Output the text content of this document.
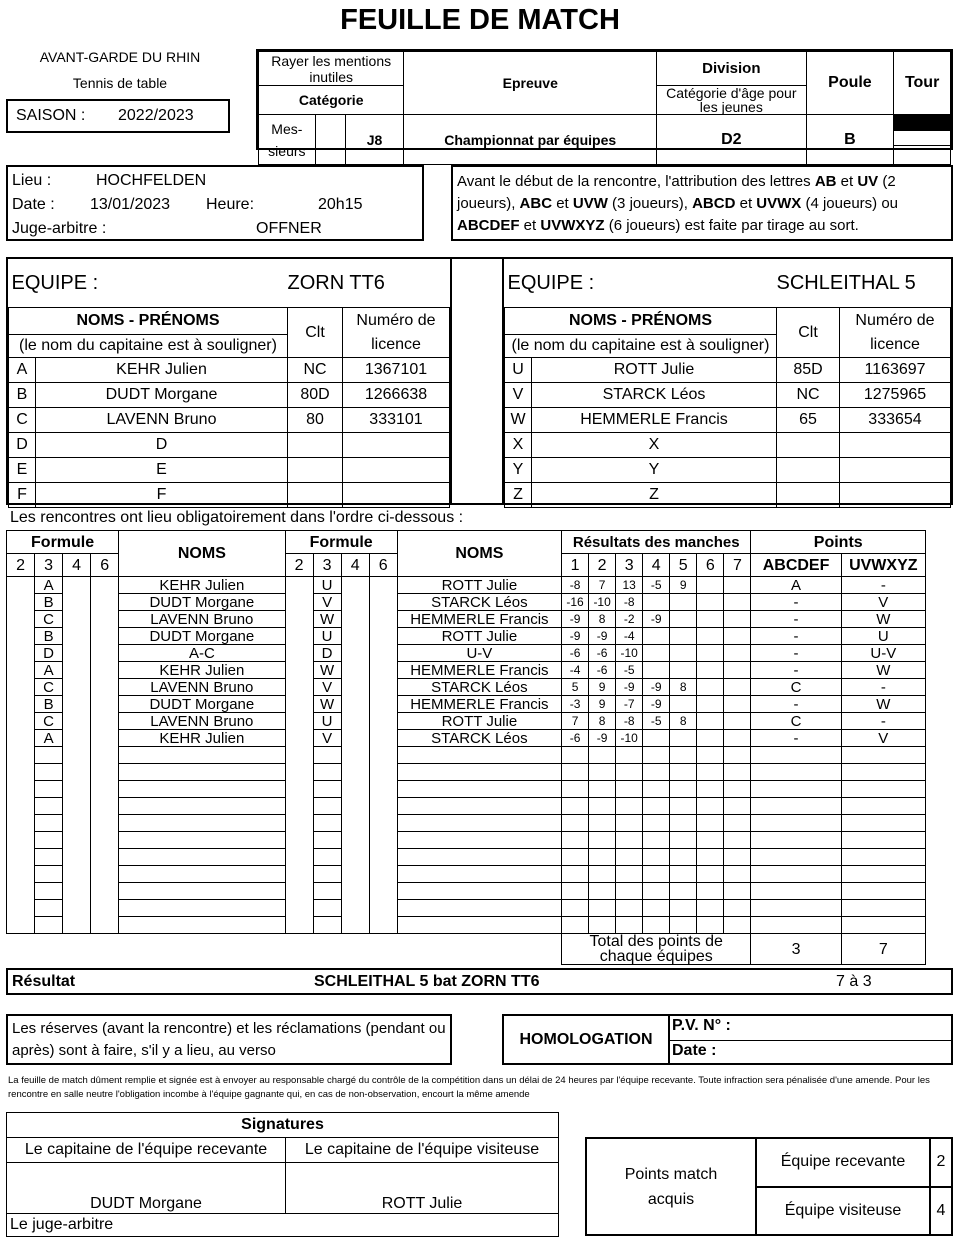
FEUILLE DE MATCH
AVANT-GARDE DU RHIN
Tennis de table
SAISON : 2022/2023
Rayer les mentions inutiles			Epreuve	Division	Poule	Tour
Catégorie				Catégorie d'âge pour les jeunes		
Mes-sieurs		J8	Championnat par équipes	D2	B	
Lieu :	HOCHFELDEN
Date : 13/01/2023 Heure:	20h15
Juge-arbitre :	OFFNER
Avant le début de la rencontre, l'attribution des lettres AB et UV (2 joueurs), ABC et UVW (3 joueurs), ABCD et UVWX (4 joueurs) ou ABCDEF et UVWXYZ (6 joueurs) est faite par tirage au sort.
EQUIPE :		ZORN TT6	
NOMS - PRÉNOMS		Clt	Numéro de licence
(le nom du capitaine est à souligner)			
A	KEHR Julien	NC	1367101
B	DUDT Morgane	80D	1266638
C	LAVENN Bruno	80	333101
D	D		
E	E		
F	F		
EQUIPE :		SCHLEITHAL 5	
NOMS - PRÉNOMS		Clt	Numéro de licence
(le nom du capitaine est à souligner)			
U	ROTT Julie	85D	1163697
V	STARCK Léos	NC	1275965
W	HEMMERLE Francis	65	333654
X	X		
Y	Y		
Z	Z		
Les rencontres ont lieu obligatoirement dans l'ordre ci-dessous :
Formule				NOMS	Formule				NOMS	Résultats des manches							Points	
2	3	4	6		2	3	4	6		1	2	3	4	5	6	7	ABCDEF	UVWXYZ
	A			KEHR Julien		U			ROTT Julie	-8	7	13	-5	9			A	-
	B			DUDT Morgane		V			STARCK Léos	-16	-10	-8					-	V
	C			LAVENN Bruno		W			HEMMERLE Francis	-9	8	-2	-9				-	W
	B			DUDT Morgane		U			ROTT Julie	-9	-9	-4					-	U
	D			A-C		D			U-V	-6	-6	-10					-	U-V
	A			KEHR Julien		W			HEMMERLE Francis	-4	-6	-5					-	W
	C			LAVENN Bruno		V			STARCK Léos	5	9	-9	-9	8			C	-
	B			DUDT Morgane		W			HEMMERLE Francis	-3	9	-7	-9				-	W
	C			LAVENN Bruno		U			ROTT Julie	7	8	-8	-5	8			C	-
	A			KEHR Julien		V			STARCK Léos	-6	-9	-10					-	V

										Total des points de chaque équipes							3	7
Résultat	SCHLEITHAL 5 bat ZORN TT6	7 à 3
Les réserves (avant la rencontre) et les réclamations (pendant ou après) sont à faire, s'il y a lieu, au verso
HOMOLOGATION
P.V. N° :
Date :
La feuille de match dûment remplie et signée est à envoyer au responsable chargé du contrôle de la compétition dans un délai de 24 heures par l'équipe recevante. Toute infraction sera pénalisée d'une amende. Pour les rencontre en salle neutre l'obligation incombe à l'équipe gagnante qui, en cas de non-observation, encourt la même amende
Signatures	
Le capitaine de l'équipe recevante	Le capitaine de l'équipe visiteuse
DUDT Morgane	ROTT Julie
Le juge-arbitre	
Points match acquis	Équipe recevante	2
	Équipe visiteuse	4
